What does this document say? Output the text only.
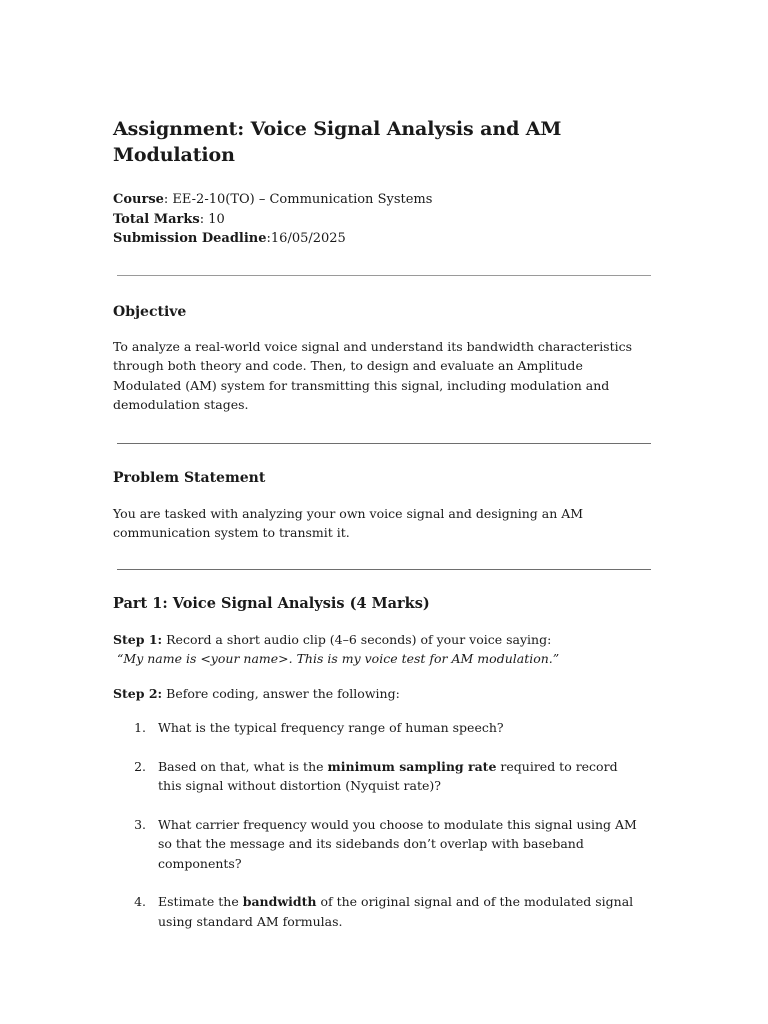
Assignment: Voice Signal Analysis and AM Modulation
Course: EE-2-10(TO) – Communication Systems
Total Marks: 10
Submission Deadline:16/05/2025
Objective

To analyze a real-world voice signal and understand its bandwidth characteristics through both theory and code. Then, to design and evaluate an Amplitude Modulated (AM) system for transmitting this signal, including modulation and demodulation stages.

Problem Statement

You are tasked with analyzing your own voice signal and designing an AM communication system to transmit it.

Part 1: Voice Signal Analysis (4 Marks)

Step 1: Record a short audio clip (4–6 seconds) of your voice saying:

“My name is <your name>. This is my voice test for AM modulation.”

Step 2: Before coding, answer the following:

1. What is the typical frequency range of human speech?
2. Based on that, what is the minimum sampling rate required to record this signal without distortion (Nyquist rate)?
3. What carrier frequency would you choose to modulate this signal using AM so that the message and its sidebands don’t overlap with baseband components?
4. Estimate the bandwidth of the original signal and of the modulated signal using standard AM formulas.
